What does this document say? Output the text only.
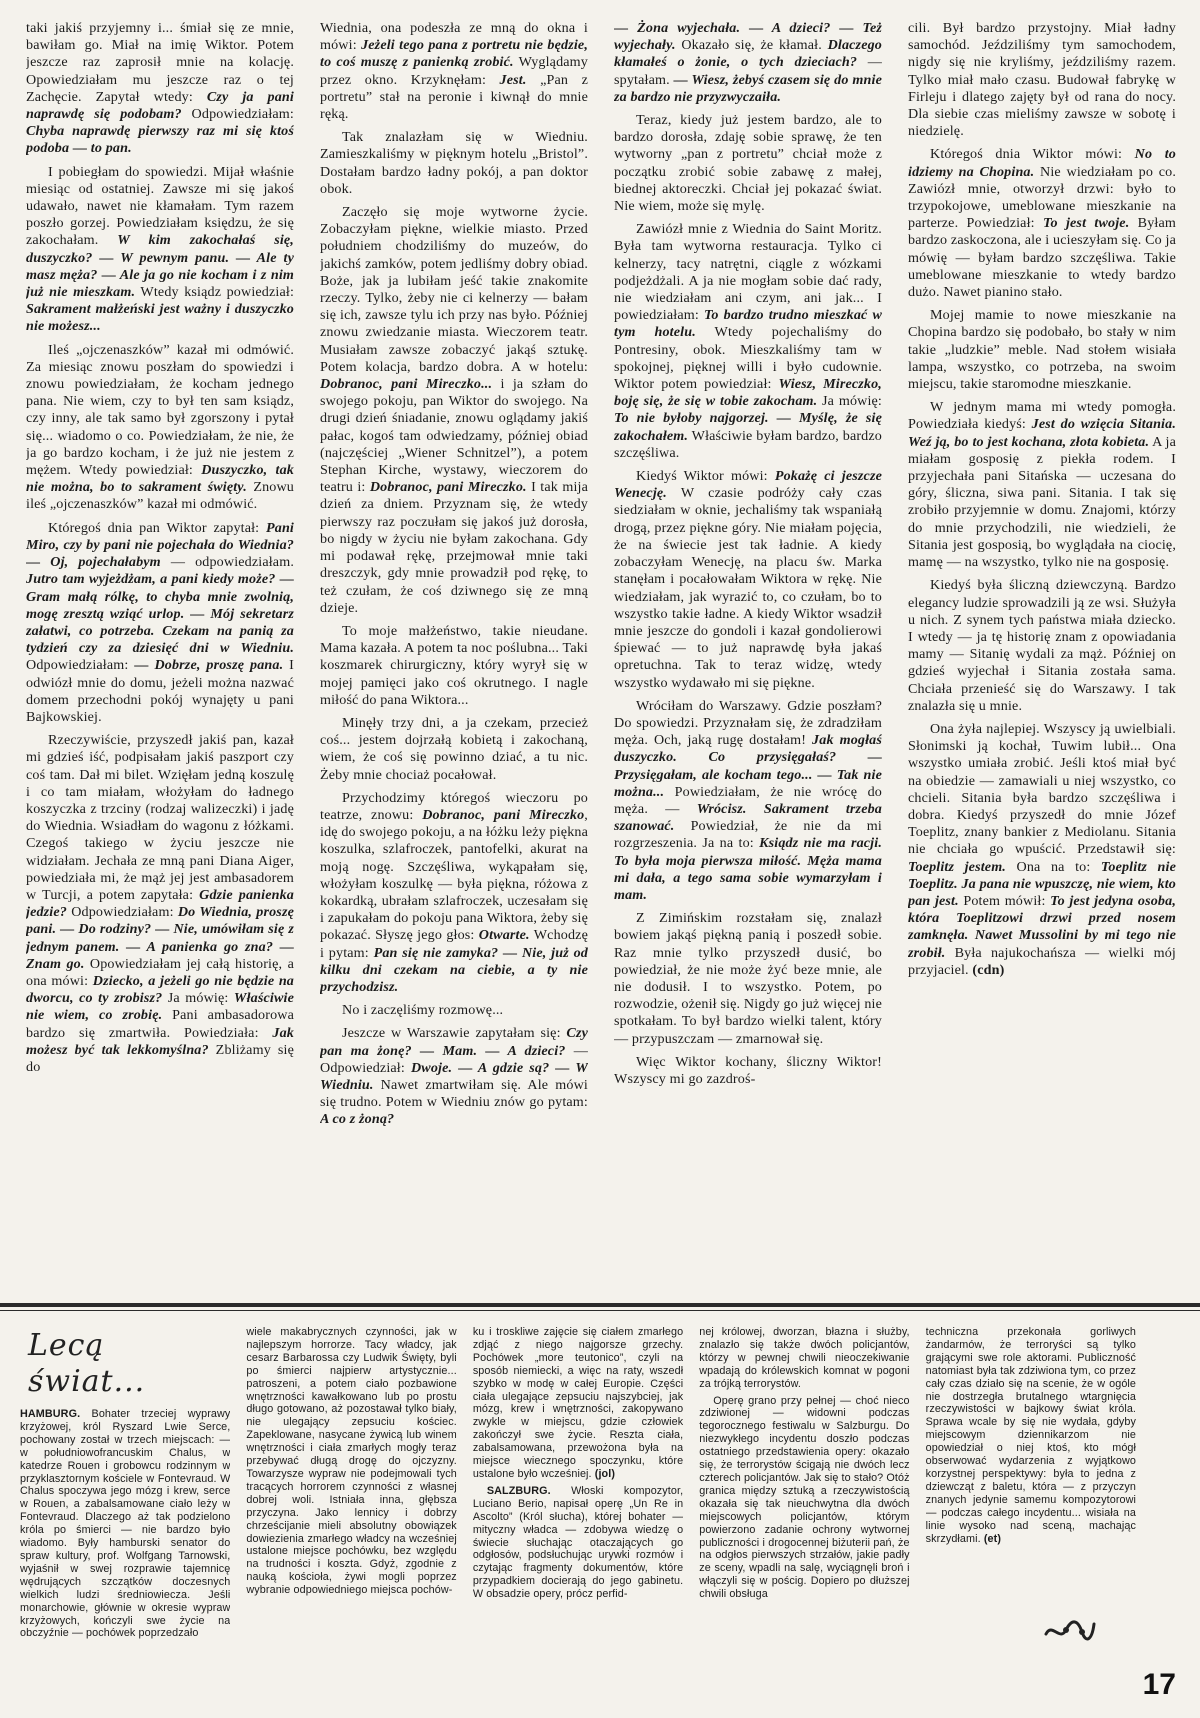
taki jakiś przyjemny i... śmiał się ze mnie, bawiłam go. Miał na imię Wiktor. Potem jeszcze raz zaprosił mnie na kolację. Opowiedziałam mu jeszcze raz o tej Zachęcie. Zapytał wtedy: Czy ja pani naprawdę się podobam? Odpowiedziałam: Chyba naprawdę pierwszy raz mi się ktoś podoba — to pan.

I pobiegłam do spowiedzi. Mijał właśnie miesiąc od ostatniej. Zawsze mi się jakoś udawało, nawet nie kłamałam. Tym razem poszło gorzej. Powiedziałam księdzu, że się zakochałam. W kim zakochałaś się, duszyczko? — W pewnym panu. — Ale ty masz męża? — Ale ja go nie kocham i z nim już nie mieszkam. Wtedy ksiądz powiedział: Sakrament małżeński jest ważny i duszyczko nie możesz...

Ileś „ojczenaszków” kazał mi odmówić. Za miesiąc znowu poszłam do spowiedzi i znowu powiedziałam, że kocham jednego pana. Nie wiem, czy to był ten sam ksiądz, czy inny, ale tak samo był zgorszony i pytał się... wiadomo o co. Powiedziałam, że nie, że ja go bardzo kocham, i że już nie jestem z mężem. Wtedy powiedział: Duszyczko, tak nie można, bo to sakrament święty. Znowu ileś „ojczenaszków” kazał mi odmówić.

Któregoś dnia pan Wiktor zapytał: Pani Miro, czy by pani nie pojechała do Wiednia? — Oj, pojechałabym — odpowiedziałam. Jutro tam wyjeżdżam, a pani kiedy może? — Gram małą rólkę, to chyba mnie zwolnią, mogę zresztą wziąć urlop. — Mój sekretarz załatwi, co potrzeba. Czekam na panią za tydzień czy za dziesięć dni w Wiedniu. Odpowiedziałam: — Dobrze, proszę pana. I odwiózł mnie do domu, jeżeli można nazwać domem przechodni pokój wynajęty u pani Bajkowskiej.

Rzeczywiście, przyszedł jakiś pan, kazał mi gdzieś iść, podpisałam jakiś paszport czy coś tam. Dał mi bilet. Wzięłam jedną koszulę i co tam miałam, włożyłam do ładnego koszyczka z trzciny (rodzaj walizeczki) i jadę do Wiednia. Wsiadłam do wagonu z łóżkami. Czegoś takiego w życiu jeszcze nie widziałam. Jechała ze mną pani Diana Aiger, powiedziała mi, że mąż jej jest ambasadorem w Turcji, a potem zapytała: Gdzie panienka jedzie? Odpowiedziałam: Do Wiednia, proszę pani. — Do rodziny? — Nie, umówiłam się z jednym panem. — A panienka go zna? — Znam go. Opowiedziałam jej całą historię, a ona mówi: Dziecko, a jeżeli go nie będzie na dworcu, co ty zrobisz? Ja mówię: Właściwie nie wiem, co zrobię. Pani ambasadorowa bardzo się zmartwiła. Powiedziała: Jak możesz być tak lekkomyślna? Zbliżamy się do

Wiednia, ona podeszła ze mną do okna i mówi: Jeżeli tego pana z portretu nie będzie, to coś muszę z panienką zrobić. Wyglądamy przez okno. Krzyknęłam: Jest. „Pan z portretu” stał na peronie i kiwnął do mnie ręką.

Tak znalazłam się w Wiedniu. Zamieszkaliśmy w pięknym hotelu „Bristol”. Dostałam bardzo ładny pokój, a pan doktor obok.

Zaczęło się moje wytworne życie. Zobaczyłam piękne, wielkie miasto. Przed południem chodziliśmy do muzeów, do jakichś zamków, potem jedliśmy dobry obiad. Boże, jak ja lubiłam jeść takie znakomite rzeczy. Tylko, żeby nie ci kelnerzy — bałam się ich, zawsze tylu ich przy nas było. Później znowu zwiedzanie miasta. Wieczorem teatr. Musiałam zawsze zobaczyć jakąś sztukę. Potem kolacja, bardzo dobra. A w hotelu: Dobranoc, pani Mireczko... i ja szłam do swojego pokoju, pan Wiktor do swojego. Na drugi dzień śniadanie, znowu oglądamy jakiś pałac, kogoś tam odwiedzamy, później obiad (najczęściej „Wiener Schnitzel”), a potem Stephan Kirche, wystawy, wieczorem do teatru i: Dobranoc, pani Mireczko. I tak mija dzień za dniem. Przyznam się, że wtedy pierwszy raz poczułam się jakoś już dorosła, bo nigdy w życiu nie byłam zakochana. Gdy mi podawał rękę, przejmował mnie taki dreszczyk, gdy mnie prowadził pod rękę, to też czułam, że coś dziwnego się ze mną dzieje.

To moje małżeństwo, takie nieudane. Mama kazała. A potem ta noc poślubna... Taki koszmarek chirurgiczny, który wyrył się w mojej pamięci jako coś okrutnego. I nagle miłość do pana Wiktora...

Minęły trzy dni, a ja czekam, przecież coś... jestem dojrzałą kobietą i zakochaną, wiem, że coś się powinno dziać, a tu nic. Żeby mnie chociaż pocałował.

Przychodzimy któregoś wieczoru po teatrze, znowu: Dobranoc, pani Mireczko, idę do swojego pokoju, a na łóżku leży piękna koszulka, szlafroczek, pantofelki, akurat na moją nogę. Szczęśliwa, wykąpałam się, włożyłam koszulkę — była piękna, różowa z kokardką, ubrałam szlafroczek, uczesałam się i zapukałam do pokoju pana Wiktora, żeby się pokazać. Słyszę jego głos: Otwarte. Wchodzę i pytam: Pan się nie zamyka? — Nie, już od kilku dni czekam na ciebie, a ty nie przychodzisz.

No i zaczęliśmy rozmowę...

Jeszcze w Warszawie zapytałam się: Czy pan ma żonę? — Mam. — A dzieci? — Odpowiedział: Dwoje. — A gdzie są? — W Wiedniu. Nawet zmartwiłam się. Ale mówi się trudno. Potem w Wiedniu znów go pytam: A co z żoną?

— Żona wyjechała. — A dzieci? — Też wyjechały. Okazało się, że kłamał. Dlaczego kłamałeś o żonie, o tych dzieciach? — spytałam. — Wiesz, żebyś czasem się do mnie za bardzo nie przyzwyczaiła.

Teraz, kiedy już jestem bardzo, ale to bardzo dorosła, zdaję sobie sprawę, że ten wytworny „pan z portretu” chciał może z początku zrobić sobie zabawę z małej, biednej aktoreczki. Chciał jej pokazać świat. Nie wiem, może się mylę.

Zawiózł mnie z Wiednia do Saint Moritz. Była tam wytworna restauracja. Tylko ci kelnerzy, tacy natrętni, ciągle z wózkami podjeżdżali. A ja nie mogłam sobie dać rady, nie wiedziałam ani czym, ani jak... I powiedziałam: To bardzo trudno mieszkać w tym hotelu. Wtedy pojechaliśmy do Pontresiny, obok. Mieszkaliśmy tam w spokojnej, pięknej willi i było cudownie. Wiktor potem powiedział: Wiesz, Mireczko, boję się, że się w tobie zakocham. Ja mówię: To nie byłoby najgorzej. — Myślę, że się zakochałem. Właściwie byłam bardzo, bardzo szczęśliwa.

Kiedyś Wiktor mówi: Pokażę ci jeszcze Wenecję. W czasie podróży cały czas siedziałam w oknie, jechaliśmy tak wspaniałą drogą, przez piękne góry. Nie miałam pojęcia, że na świecie jest tak ładnie. A kiedy zobaczyłam Wenecję, na placu św. Marka stanęłam i pocałowałam Wiktora w rękę. Nie wiedziałam, jak wyrazić to, co czułam, bo to wszystko takie ładne. A kiedy Wiktor wsadził mnie jeszcze do gondoli i kazał gondolierowi śpiewać — to już naprawdę była jakaś opretuchna. Tak to teraz widzę, wtedy wszystko wydawało mi się piękne.

Wróciłam do Warszawy. Gdzie poszłam? Do spowiedzi. Przyznałam się, że zdradziłam męża. Och, jaką rugę dostałam! Jak mogłaś duszyczko. Co przysięgałaś? — Przysięgałam, ale kocham tego... — Tak nie można... Powiedziałam, że nie wrócę do męża. — Wrócisz. Sakrament trzeba szanować. Powiedział, że nie da mi rozgrzeszenia. Ja na to: Ksiądz nie ma racji. To była moja pierwsza miłość. Męża mama mi dała, a tego sama sobie wymarzyłam i mam.

Z Zimińskim rozstałam się, znalazł bowiem jakąś piękną panią i poszedł sobie. Raz mnie tylko przyszedł dusić, bo powiedział, że nie może żyć beze mnie, ale nie dodusił. I to wszystko. Potem, po rozwodzie, ożenił się. Nigdy go już więcej nie spotkałam. To był bardzo wielki talent, który — przypuszczam — zmarnował się.

Więc Wiktor kochany, śliczny Wiktor! Wszyscy mi go zazdroś-

cili. Był bardzo przystojny. Miał ładny samochód. Jeździliśmy tym samochodem, nigdy się nie kryliśmy, jeździliśmy razem. Tylko miał mało czasu. Budował fabrykę w Firleju i dlatego zajęty był od rana do nocy. Dla siebie czas mieliśmy zawsze w sobotę i niedzielę.

Któregoś dnia Wiktor mówi: No to idziemy na Chopina. Nie wiedziałam po co. Zawiózł mnie, otworzył drzwi: było to trzypokojowe, umeblowane mieszkanie na parterze. Powiedział: To jest twoje. Byłam bardzo zaskoczona, ale i ucieszyłam się. Co ja mówię — byłam bardzo szczęśliwa. Takie umeblowane mieszkanie to wtedy bardzo dużo. Nawet pianino stało.

Mojej mamie to nowe mieszkanie na Chopina bardzo się podobało, bo stały w nim takie „ludzkie” meble. Nad stołem wisiała lampa, wszystko, co potrzeba, na swoim miejscu, takie staromodne mieszkanie.

W jednym mama mi wtedy pomogła. Powiedziała kiedyś: Jest do wzięcia Sitania. Weź ją, bo to jest kochana, złota kobieta. A ja miałam gosposię z piekła rodem. I przyjechała pani Sitańska — uczesana do góry, śliczna, siwa pani. Sitania. I tak się zrobiło przyjemnie w domu. Znajomi, którzy do mnie przychodzili, nie wiedzieli, że Sitania jest gosposią, bo wyglądała na ciocię, mamę — na wszystko, tylko nie na gosposię.

Kiedyś była śliczną dziewczyną. Bardzo elegancy ludzie sprowadzili ją ze wsi. Służyła u nich. Z synem tych państwa miała dziecko. I wtedy — ja tę historię znam z opowiadania mamy — Sitanię wydali za mąż. Później on gdzieś wyjechał i Sitania została sama. Chciała przenieść się do Warszawy. I tak znalazła się u mnie.

Ona żyła najlepiej. Wszyscy ją uwielbiali. Słonimski ją kochał, Tuwim lubił... Ona wszystko umiała zrobić. Jeśli ktoś miał być na obiedzie — zamawiali u niej wszystko, co chcieli. Sitania była bardzo szczęśliwa i dobra. Kiedyś przyszedł do mnie Józef Toeplitz, znany bankier z Mediolanu. Sitania nie chciała go wpuścić. Przedstawił się: Toeplitz jestem. Ona na to: Toeplitz nie Toeplitz. Ja pana nie wpuszczę, nie wiem, kto pan jest. Potem mówił: To jest jedyna osoba, która Toeplitzowi drzwi przed nosem zamknęła. Nawet Mussolini by mi tego nie zrobił. Była najukochańsza — wielki mój przyjaciel. (cdn)

Lecą świat...

HAMBURG. Bohater trzeciej wyprawy krzyżowej, król Ryszard Lwie Serce, pochowany został w trzech miejscach: — w południowofrancuskim Chalus, w katedrze Rouen i grobowcu rodzinnym w przyklasztornym kościele w Fontevraud. W Chalus spoczywa jego mózg i krew, serce w Rouen, a zabalsamowane ciało leży w Fontevraud. Dlaczego aż tak podzielono króla po śmierci — nie bardzo było wiadomo. Były hamburski senator do spraw kultury, prof. Wolfgang Tarnowski, wyjaśnił w swej rozprawie tajemnicę wędrujących szczątków doczesnych wielkich ludzi średniowiecza. Jeśli monarchowie, głównie w okresie wypraw krzyżowych, kończyli swe życie na obczyźnie — pochówek poprzedzało

wiele makabrycznych czynności, jak w najlepszym horrorze. Tacy władcy, jak cesarz Barbarossa czy Ludwik Święty, byli po śmierci najpierw artystycznie... patroszeni, a potem ciało pozbawione wnętrzności kawałkowano lub po prostu długo gotowano, aż pozostawał tylko biały, nie ulegający zepsuciu kościec. Zapeklowane, nasycane żywicą lub winem wnętrzności i ciała zmarłych mogły teraz przebywać długą drogę do ojczyzny. Towarzysze wypraw nie podejmowali tych tracących horrorem czynności z własnej dobrej woli. Istniała inna, głębsza przyczyna. Jako lennicy i dobrzy chrześcijanie mieli absolutny obowiązek dowiezienia zmarłego władcy na wcześniej ustalone miejsce pochówku, bez względu na trudności i koszta. Gdyż, zgodnie z nauką kościoła, żywi mogli poprzez wybranie odpowiedniego miejsca pochów-

ku i troskliwe zajęcie się ciałem zmarłego zdjąć z niego najgorsze grzechy. Pochówek „more teutonico”, czyli na sposób niemiecki, a więc na raty, wszedł szybko w modę w całej Europie. Części ciała ulegające zepsuciu najszybciej, jak mózg, krew i wnętrzności, zakopywano zwykle w miejscu, gdzie człowiek zakończył swe życie. Reszta ciała, zabalsamowana, przewożona była na miejsce wiecznego spoczynku, które ustalone było wcześniej. (jol)

SALZBURG. Włoski kompozytor, Luciano Berio, napisał operę „Un Re in Ascolto” (Król słucha), której bohater — mityczny władca — zdobywa wiedzę o świecie słuchając otaczających go odgłosów, podsłuchując urywki rozmów i czytając fragmenty dokumentów, które przypadkiem docierają do jego gabinetu. W obsadzie opery, prócz perfid-

nej królowej, dworzan, błazna i służby, znalazło się także dwóch policjantów, którzy w pewnej chwili nieoczekiwanie wpadają do królewskich komnat w pogoni za trójką terrorystów.

Operę grano przy pełnej — choć nieco zdziwionej — widowni podczas tegorocznego festiwalu w Salzburgu. Do niezwykłego incydentu doszło podczas ostatniego przedstawienia opery: okazało się, że terrorystów ścigają nie dwóch lecz czterech policjantów. Jak się to stało? Otóż granica między sztuką a rzeczywistością okazała się tak nieuchwytna dla dwóch miejscowych policjantów, którym powierzono zadanie ochrony wytwornej publiczności i drogocennej biżuterii pań, że na odgłos pierwszych strzałów, jakie padły ze sceny, wpadli na salę, wyciągnęli broń i włączyli się w pościg. Dopiero po dłuższej chwili obsługa

techniczna przekonała gorliwych żandarmów, że terroryści są tylko grającymi swe role aktorami. Publiczność natomiast była tak zdziwiona tym, co przez cały czas działo się na scenie, że w ogóle nie dostrzegła brutalnego wtargnięcia rzeczywistości w bajkowy świat króla. Sprawa wcale by się nie wydała, gdyby miejscowym dziennikarzom nie opowiedział o niej ktoś, kto mógł obserwować wydarzenia z wyjątkowo korzystnej perspektywy: była to jedna z dziewcząt z baletu, która — z przyczyn znanych jedynie samemu kompozytorowi — podczas całego incydentu... wisiała na linie wysoko nad sceną, machając skrzydłami. (et)

17
